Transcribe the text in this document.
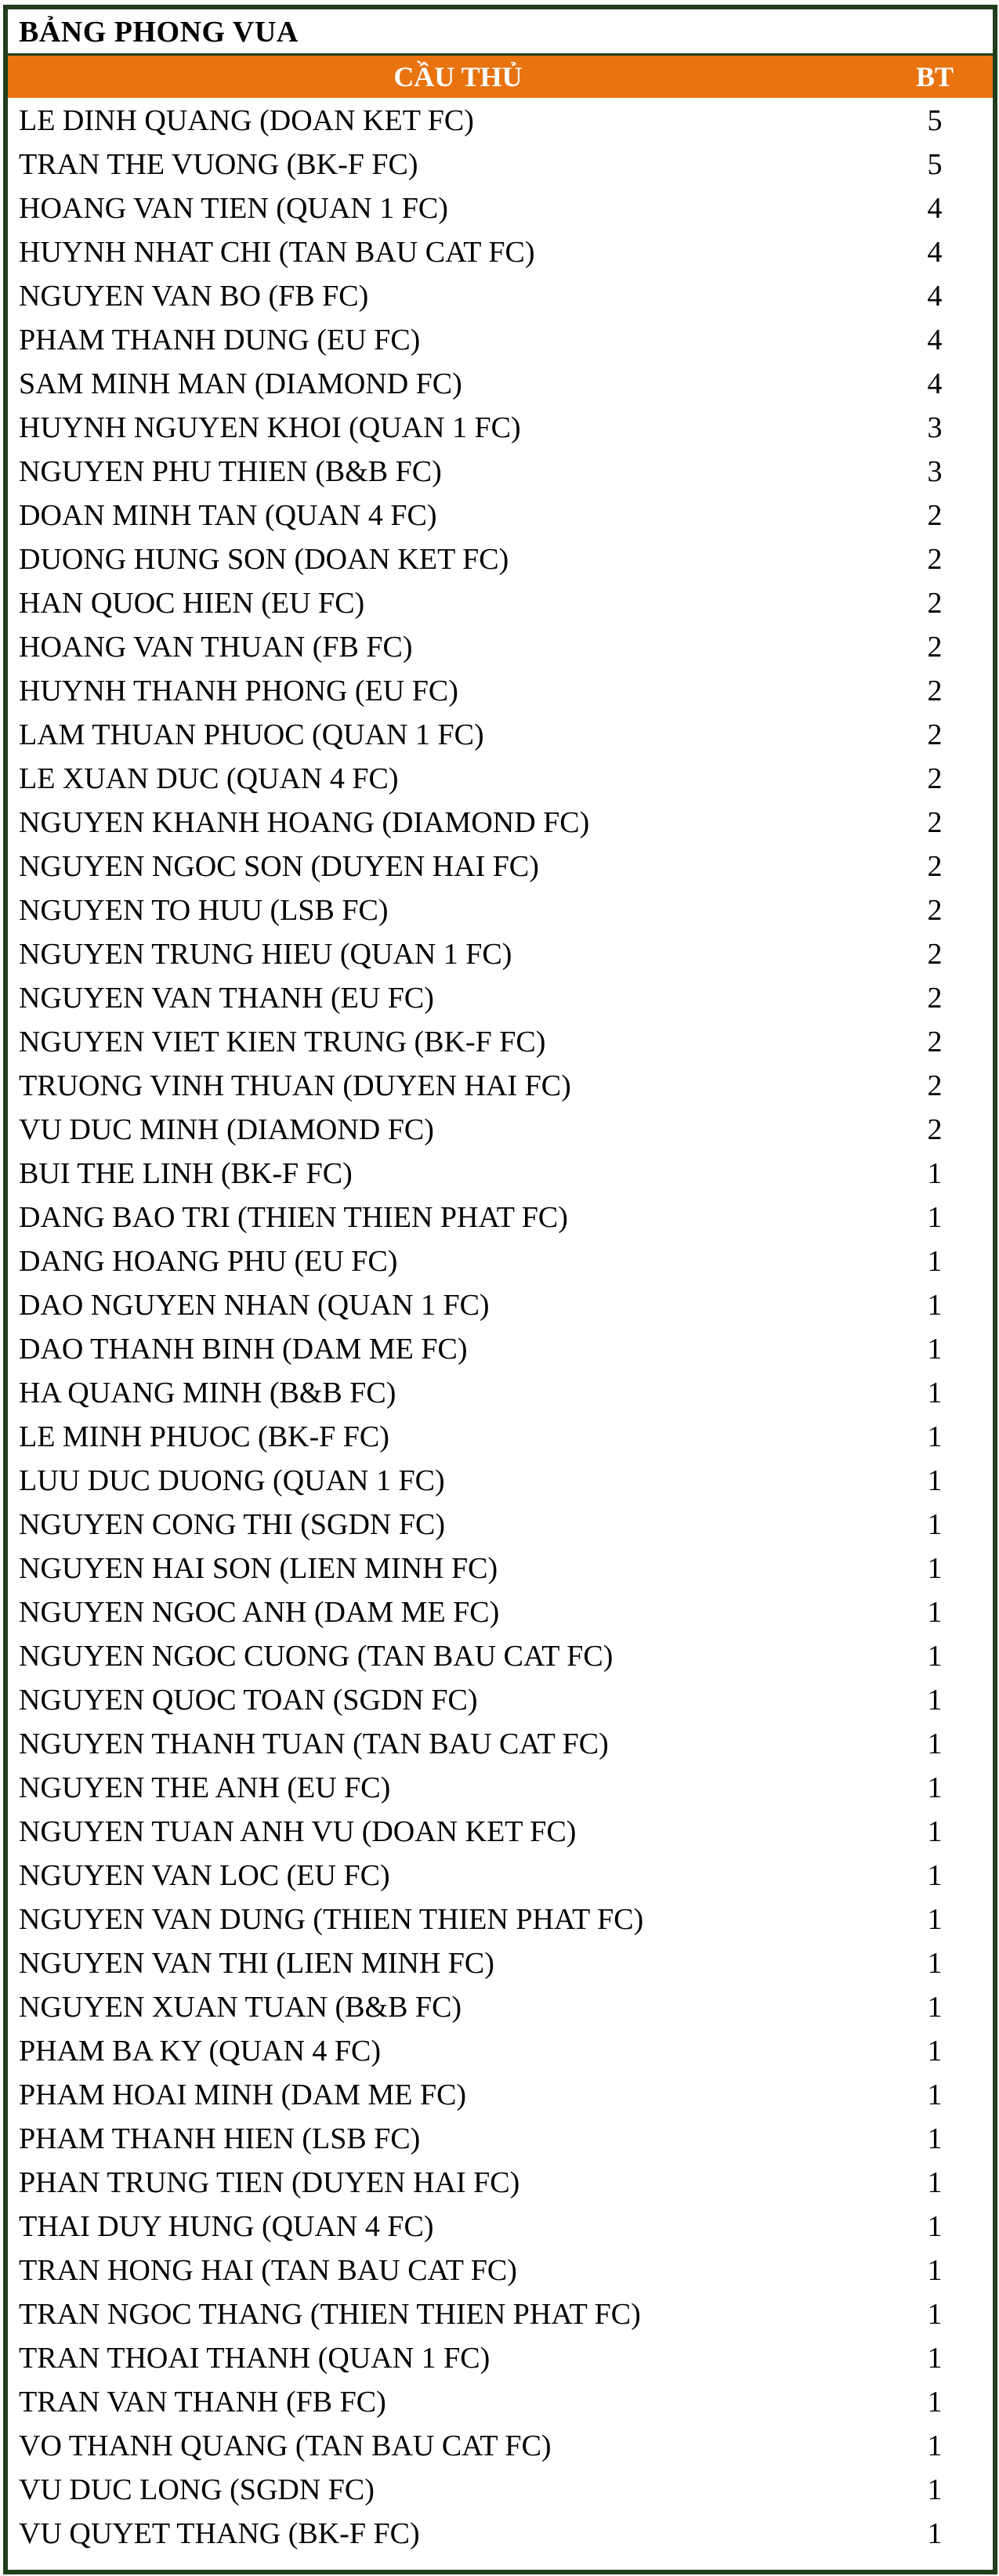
BẢNG PHONG VUA
CẦU THỦ	BT
LE DINH QUANG (DOAN KET FC)	5
TRAN THE VUONG (BK-F FC)	5
HOANG VAN TIEN (QUAN 1 FC)	4
HUYNH NHAT CHI (TAN BAU CAT FC)	4
NGUYEN VAN BO (FB FC)	4
PHAM THANH DUNG (EU FC)	4
SAM MINH MAN (DIAMOND FC)	4
HUYNH NGUYEN KHOI (QUAN 1 FC)	3
NGUYEN PHU THIEN (B&B FC)	3
DOAN MINH TAN (QUAN 4 FC)	2
DUONG HUNG SON (DOAN KET FC)	2
HAN QUOC HIEN (EU FC)	2
HOANG VAN THUAN (FB FC)	2
HUYNH THANH PHONG (EU FC)	2
LAM THUAN PHUOC (QUAN 1 FC)	2
LE XUAN DUC (QUAN 4 FC)	2
NGUYEN KHANH HOANG (DIAMOND FC)	2
NGUYEN NGOC SON (DUYEN HAI FC)	2
NGUYEN TO HUU (LSB FC)	2
NGUYEN TRUNG HIEU (QUAN 1 FC)	2
NGUYEN VAN THANH (EU FC)	2
NGUYEN VIET KIEN TRUNG (BK-F FC)	2
TRUONG VINH THUAN (DUYEN HAI FC)	2
VU DUC MINH (DIAMOND FC)	2
BUI THE LINH (BK-F FC)	1
DANG BAO TRI (THIEN THIEN PHAT FC)	1
DANG HOANG PHU (EU FC)	1
DAO NGUYEN NHAN (QUAN 1 FC)	1
DAO THANH BINH (DAM ME FC)	1
HA QUANG MINH (B&B FC)	1
LE MINH PHUOC (BK-F FC)	1
LUU DUC DUONG (QUAN 1 FC)	1
NGUYEN CONG THI (SGDN FC)	1
NGUYEN HAI SON (LIEN MINH FC)	1
NGUYEN NGOC ANH (DAM ME FC)	1
NGUYEN NGOC CUONG (TAN BAU CAT FC)	1
NGUYEN QUOC TOAN (SGDN FC)	1
NGUYEN THANH TUAN (TAN BAU CAT FC)	1
NGUYEN THE ANH (EU FC)	1
NGUYEN TUAN ANH VU (DOAN KET FC)	1
NGUYEN VAN LOC (EU FC)	1
NGUYEN VAN DUNG (THIEN THIEN PHAT FC)	1
NGUYEN VAN THI (LIEN MINH FC)	1
NGUYEN XUAN TUAN (B&B FC)	1
PHAM BA KY (QUAN 4 FC)	1
PHAM HOAI MINH (DAM ME FC)	1
PHAM THANH HIEN (LSB FC)	1
PHAN TRUNG TIEN (DUYEN HAI FC)	1
THAI DUY HUNG (QUAN 4 FC)	1
TRAN HONG HAI (TAN BAU CAT FC)	1
TRAN NGOC THANG (THIEN THIEN PHAT FC)	1
TRAN THOAI THANH (QUAN 1 FC)	1
TRAN VAN THANH (FB FC)	1
VO THANH QUANG (TAN BAU CAT FC)	1
VU DUC LONG (SGDN FC)	1
VU QUYET THANG (BK-F FC)	1
